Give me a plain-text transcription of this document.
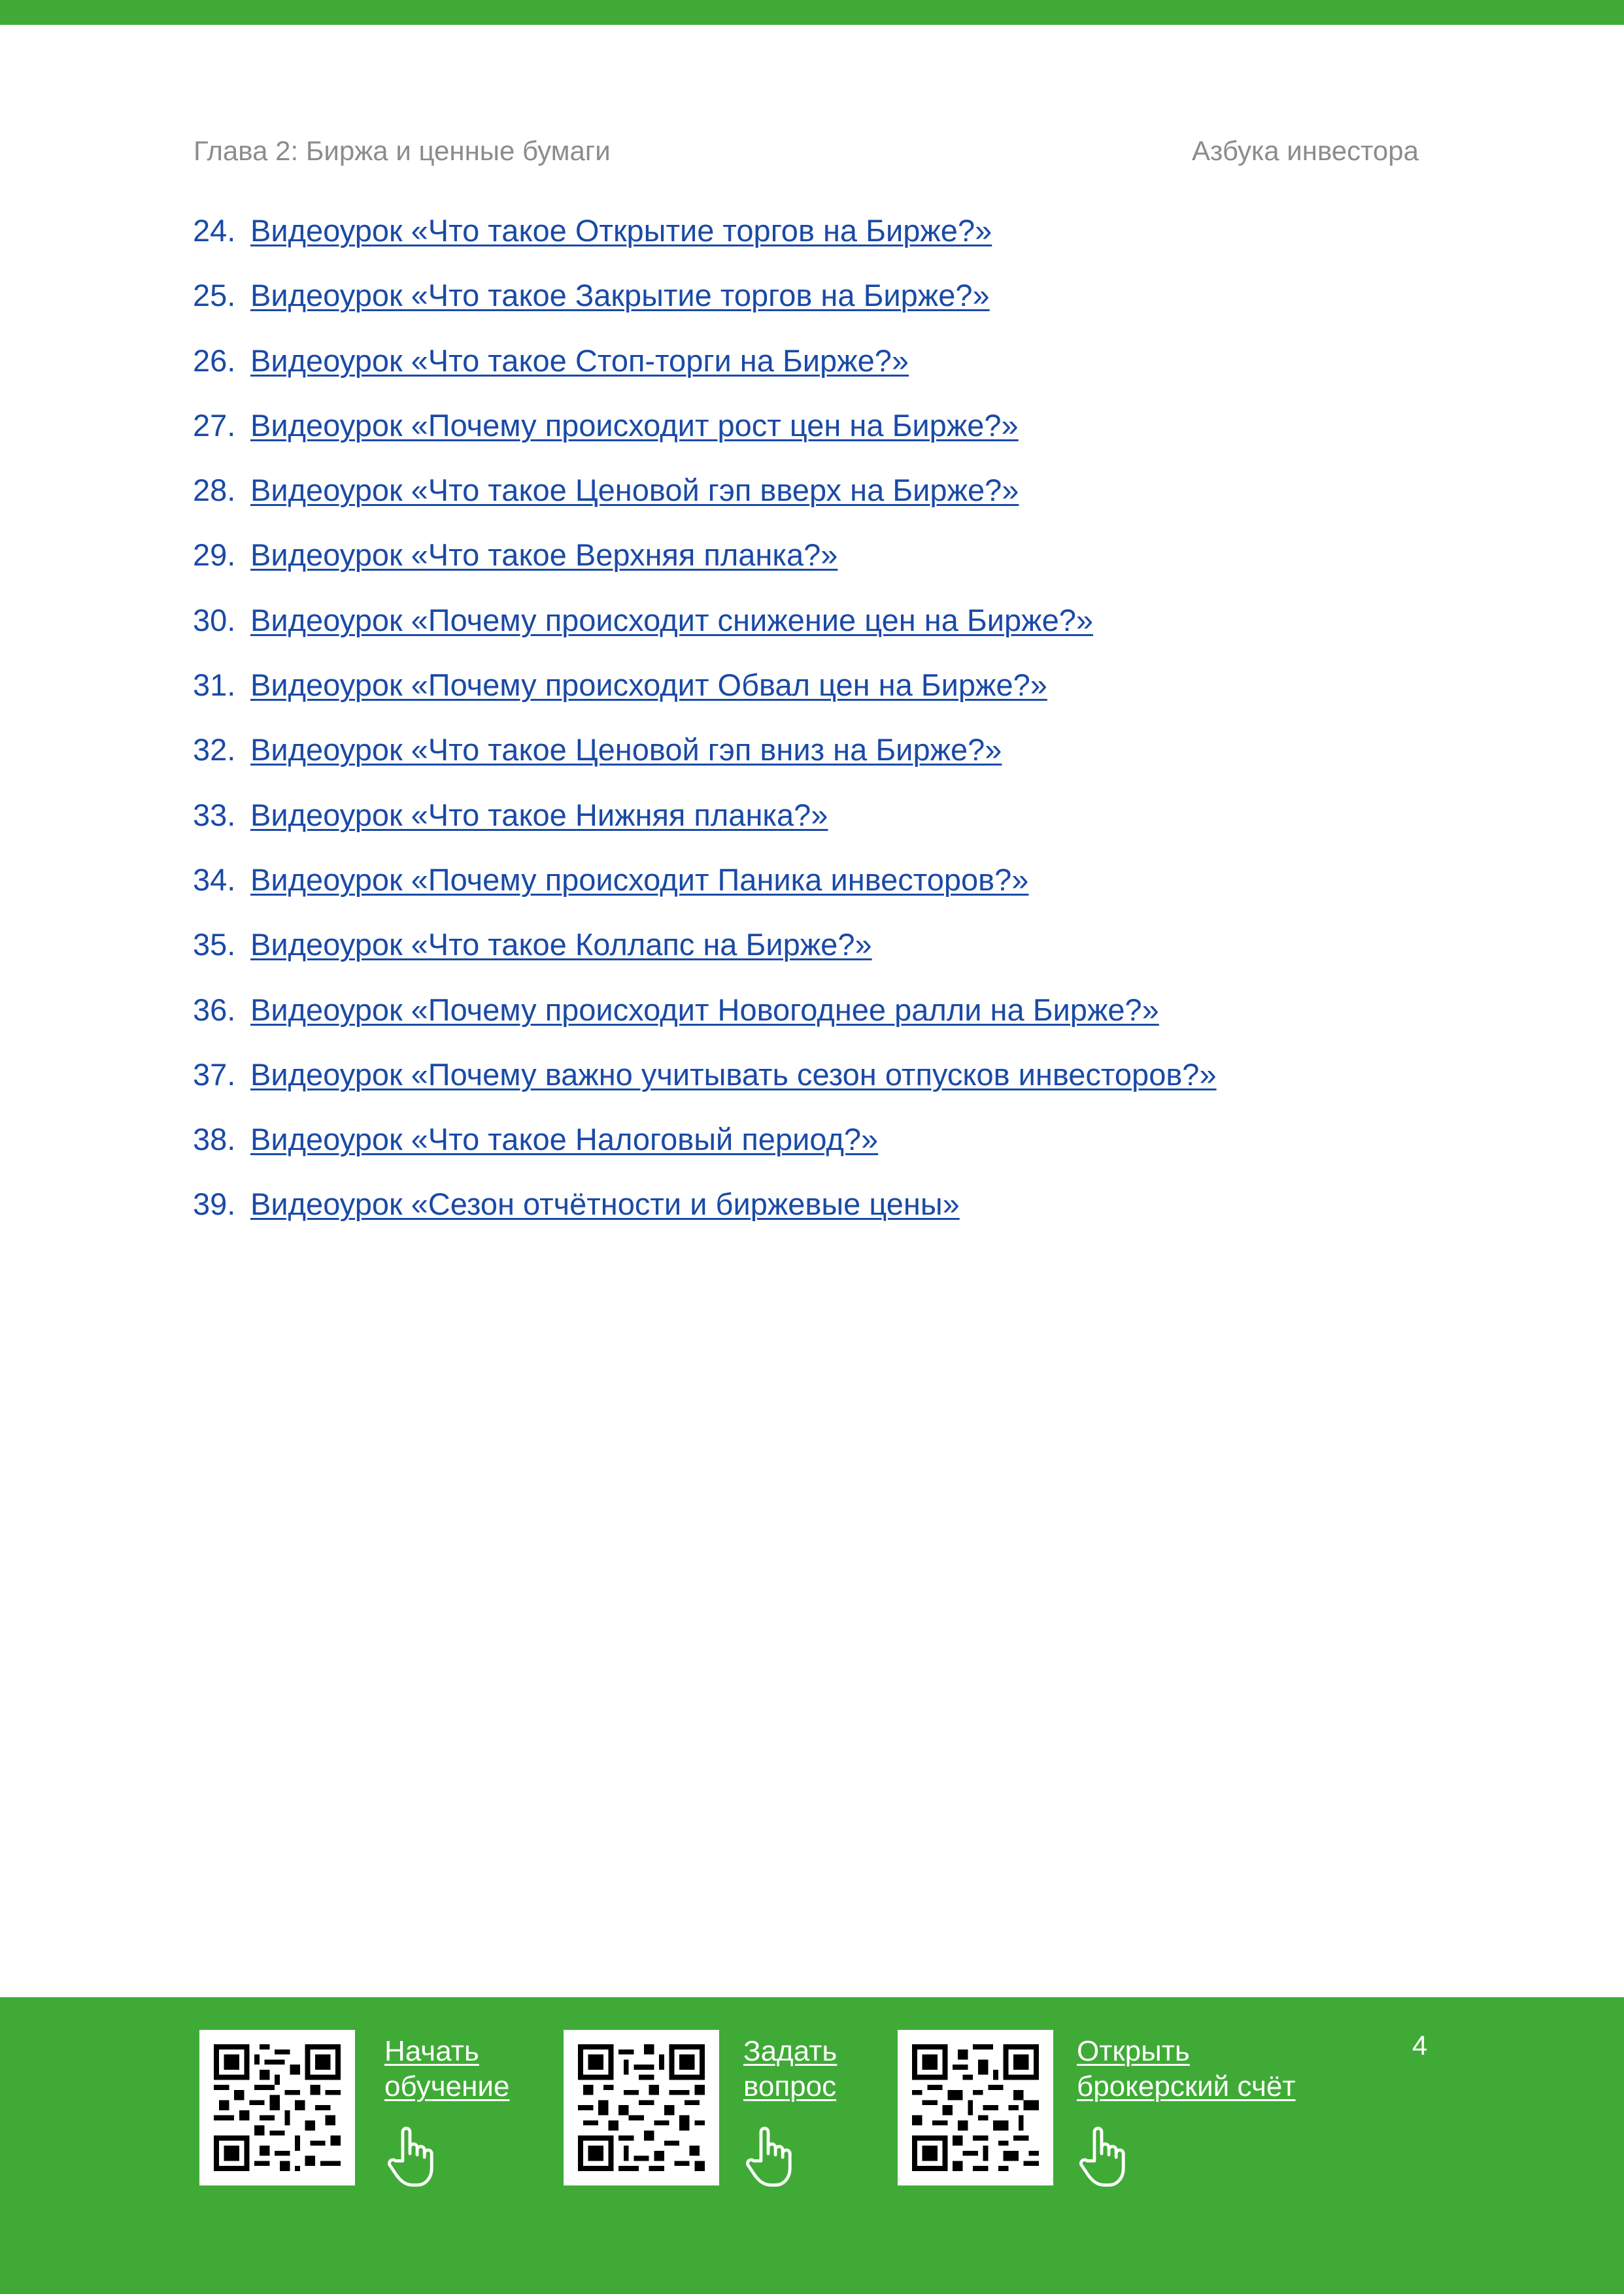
Глава 2: Биржа и ценные бумаги	Азбука инвестора
24. Видеоурок «Что такое Открытие торгов на Бирже?»
25. Видеоурок «Что такое Закрытие торгов на Бирже?»
26. Видеоурок «Что такое Стоп-торги на Бирже?»
27. Видеоурок «Почему происходит рост цен на Бирже?»
28. Видеоурок «Что такое Ценовой гэп вверх на Бирже?»
29. Видеоурок «Что такое Верхняя планка?»
30. Видеоурок «Почему происходит снижение цен на Бирже?»
31. Видеоурок «Почему происходит Обвал цен на Бирже?»
32. Видеоурок «Что такое Ценовой гэп вниз на Бирже?»
33. Видеоурок «Что такое Нижняя планка?»
34. Видеоурок «Почему происходит Паника инвесторов?»
35. Видеоурок «Что такое Коллапс на Бирже?»
36. Видеоурок «Почему происходит Новогоднее ралли на Бирже?»
37. Видеоурок «Почему важно учитывать сезон отпусков инвесторов?»
38. Видеоурок «Что такое Налоговый период?»
39. Видеоурок «Сезон отчётности и биржевые цены»
Начать
обучение
Задать
вопрос
Открыть
брокерский счёт
4
